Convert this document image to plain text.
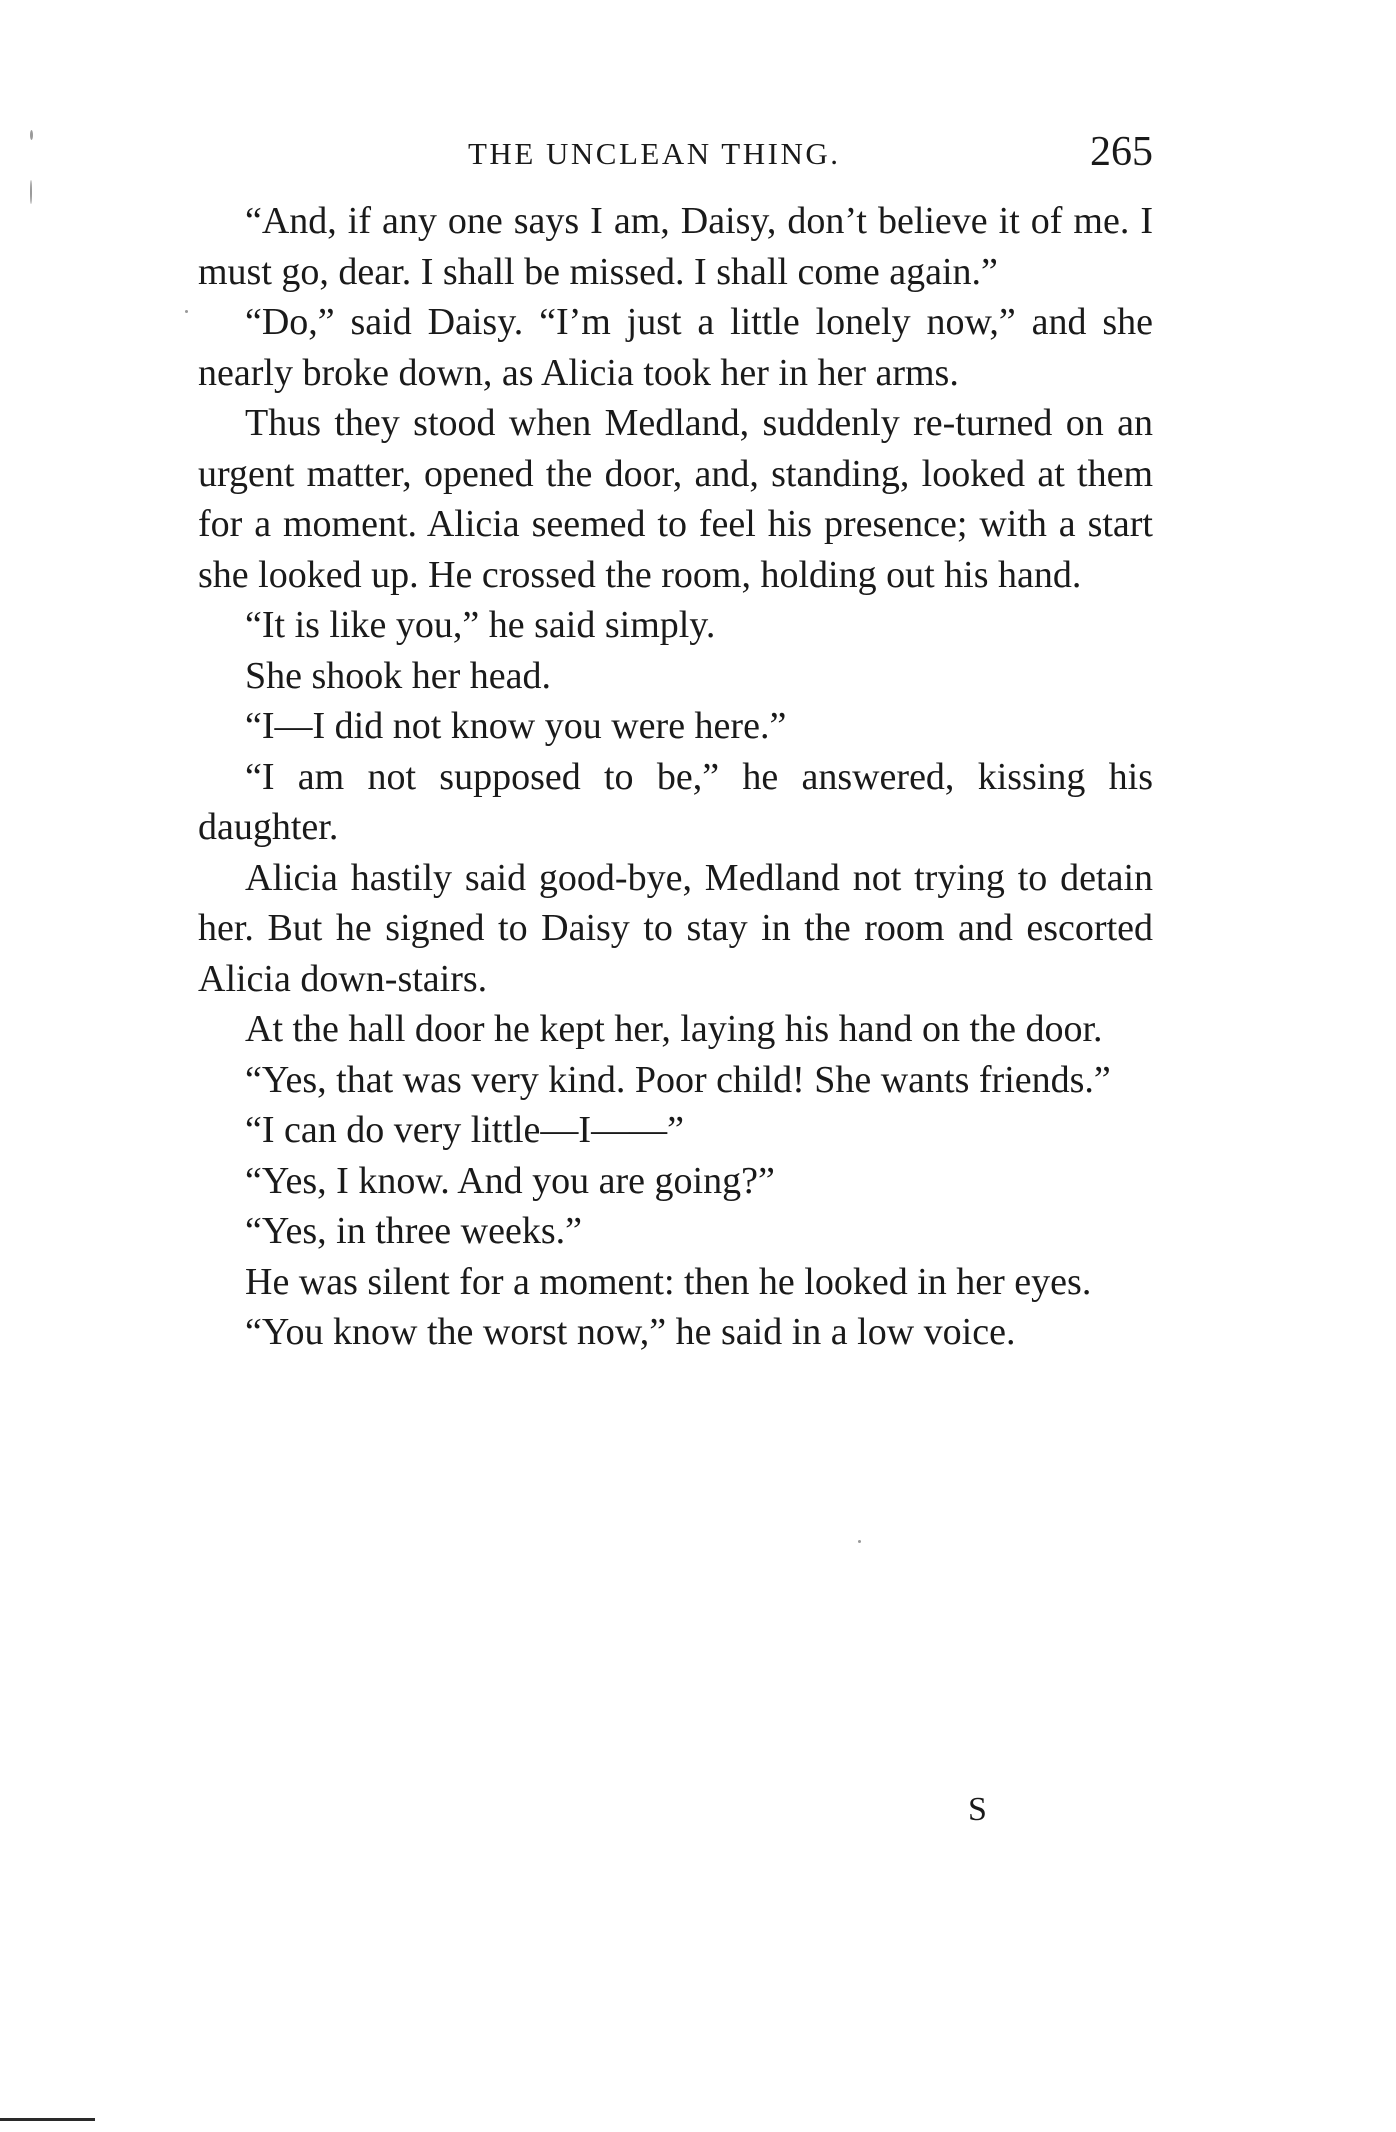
THE UNCLEAN THING.	265

“And, if any one says I am, Daisy, don’t believe it of me. I must go, dear. I shall be missed. I shall come again.”

“Do,” said Daisy. “I’m just a little lonely now,” and she nearly broke down, as Alicia took her in her arms.

Thus they stood when Medland, suddenly re-turned on an urgent matter, opened the door, and, standing, looked at them for a moment. Alicia seemed to feel his presence; with a start she looked up. He crossed the room, holding out his hand.

“It is like you,” he said simply.

She shook her head.

“I—I did not know you were here.”

“I am not supposed to be,” he answered, kissing his daughter.

Alicia hastily said good-bye, Medland not trying to detain her. But he signed to Daisy to stay in the room and escorted Alicia down-stairs.

At the hall door he kept her, laying his hand on the door.

“Yes, that was very kind. Poor child! She wants friends.”

“I can do very little—I——”

“Yes, I know. And you are going?”

“Yes, in three weeks.”

He was silent for a moment: then he looked in her eyes.

“You know the worst now,” he said in a low voice.

S
